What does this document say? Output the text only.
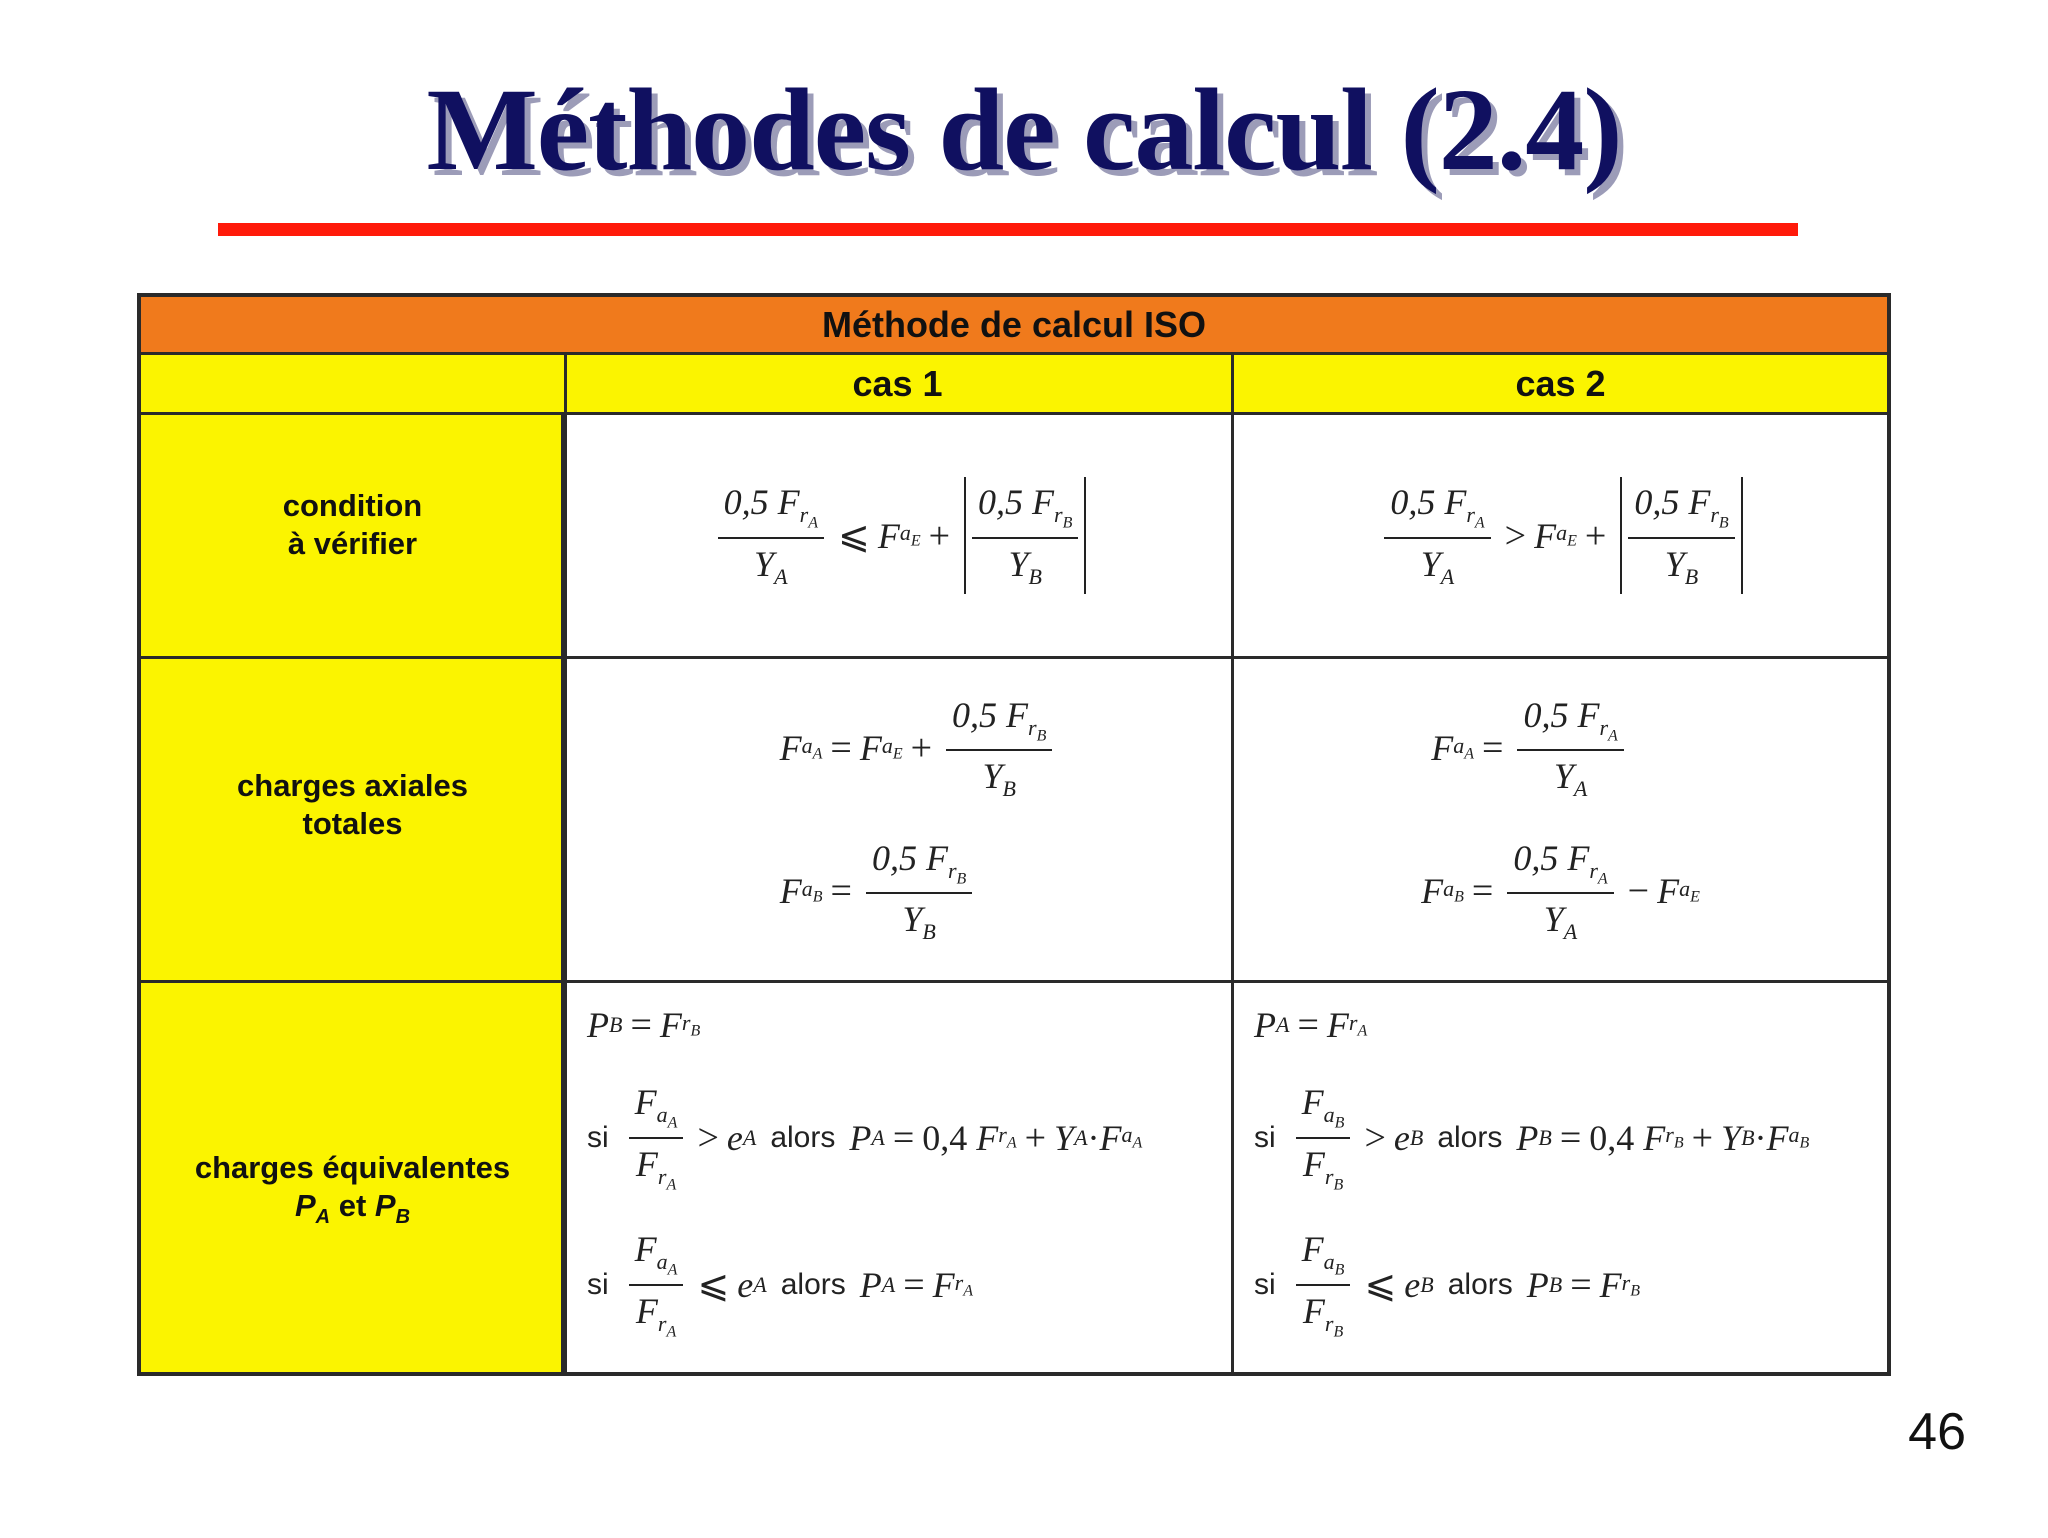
Méthodes de calcul (2.4)
Méthode de calcul ISO
cas 1	cas 2
condition
à vérifier
charges axiales
totales
charges équivalentes
$P_A$ et $P_B$
$\frac{0,5 F_{r_A}}{Y_A}$ ⩽ F $a_E + \frac{0,5 F_{r_B}}{Y_B}$	$\frac{0,5 F_{r_A}}{Y_A} > F$ $a_E + \frac{0,5 F_{r_B}}{Y_B}$
F $a_A = F$ $a_E + \frac{0,5 F_{r_B}}{Y_B}$
F $a_B = \frac{0,5 F_{r_B}}{Y_B}$
F $a_A = \frac{0,5 F_{r_A}}{Y_A}$
F $a_B = \frac{0,5 F_{r_A}}{Y_A} - F$ $a_E$
P B = F $r_B$
si $\frac{F_{a_A}}{F_{r_A}} > e$ A alors P A = 0,4
F $r_A + Y$ A · F $a_A$
si $\frac{F_{a_A}}{F_{r_A}}$ ⩽ e A alors P A = F $r_A$
P A = F $r_A$
si $\frac{F_{a_B}}{F_{r_B}} > e$ B alors P B = 0,4
F $r_B + Y$ B · F $a_B$
si $\frac{F_{a_B}}{F_{r_B}}$ ⩽ e B alors P B = F $r_B$
46
